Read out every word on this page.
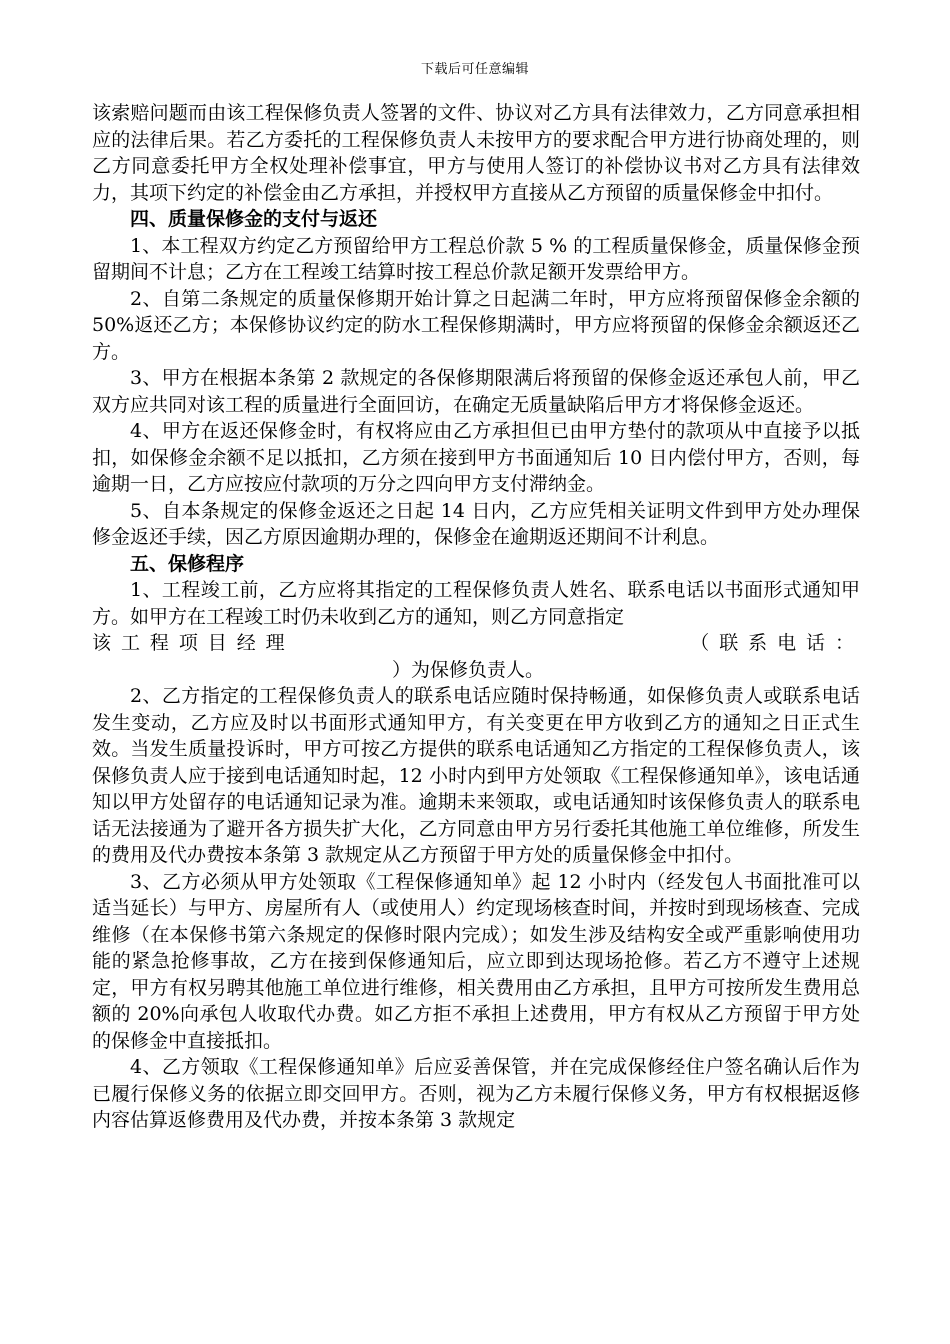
下载后可任意编辑

该索赔问题而由该工程保修负责人签署的文件、协议对乙方具有法律效力，乙方同意承担相应的法律后果。若乙方委托的工程保修负责人未按甲方的要求配合甲方进行协商处理的，则乙方同意委托甲方全权处理补偿事宜，甲方与使用人签订的补偿协议书对乙方具有法律效力，其项下约定的补偿金由乙方承担，并授权甲方直接从乙方预留的质量保修金中扣付。

四、质量保修金的支付与返还

1、本工程双方约定乙方预留给甲方工程总价款 5 % 的工程质量保修金，质量保修金预留期间不计息；乙方在工程竣工结算时按工程总价款足额开发票给甲方。

2、自第二条规定的质量保修期开始计算之日起满二年时，甲方应将预留保修金余额的 50%返还乙方；本保修协议约定的防水工程保修期满时，甲方应将预留的保修金余额返还乙方。

3、甲方在根据本条第 2 款规定的各保修期限满后将预留的保修金返还承包人前，甲乙双方应共同对该工程的质量进行全面回访，在确定无质量缺陷后甲方才将保修金返还。

4、甲方在返还保修金时，有权将应由乙方承担但已由甲方垫付的款项从中直接予以抵扣，如保修金余额不足以抵扣，乙方须在接到甲方书面通知后 10 日内偿付甲方，否则，每逾期一日，乙方应按应付款项的万分之四向甲方支付滞纳金。

5、自本条规定的保修金返还之日起 14 日内，乙方应凭相关证明文件到甲方处办理保修金返还手续，因乙方原因逾期办理的，保修金在逾期返还期间不计利息。

五、保修程序

1、工程竣工前，乙方应将其指定的工程保修负责人姓名、联系电话以书面形式通知甲方。如甲方在工程竣工时仍未收到乙方的通知，则乙方同意指定

该工程项目经理　　　　　　　　　　　　　　（联系电话：

）为保修负责人。

2、乙方指定的工程保修负责人的联系电话应随时保持畅通，如保修负责人或联系电话发生变动，乙方应及时以书面形式通知甲方，有关变更在甲方收到乙方的通知之日正式生效。当发生质量投诉时，甲方可按乙方提供的联系电话通知乙方指定的工程保修负责人，该保修负责人应于接到电话通知时起，12 小时内到甲方处领取《工程保修通知单》，该电话通知以甲方处留存的电话通知记录为准。逾期未来领取，或电话通知时该保修负责人的联系电话无法接通为了避开各方损失扩大化，乙方同意由甲方另行委托其他施工单位维修，所发生的费用及代办费按本条第 3 款规定从乙方预留于甲方处的质量保修金中扣付。

3、乙方必须从甲方处领取《工程保修通知单》起 12 小时内（经发包人书面批准可以适当延长）与甲方、房屋所有人（或使用人）约定现场核查时间，并按时到现场核查、完成维修（在本保修书第六条规定的保修时限内完成）；如发生涉及结构安全或严重影响使用功能的紧急抢修事故，乙方在接到保修通知后，应立即到达现场抢修。若乙方不遵守上述规定，甲方有权另聘其他施工单位进行维修，相关费用由乙方承担，且甲方可按所发生费用总额的 20%向承包人收取代办费。如乙方拒不承担上述费用，甲方有权从乙方预留于甲方处的保修金中直接抵扣。

4、乙方领取《工程保修通知单》后应妥善保管，并在完成保修经住户签名确认后作为已履行保修义务的依据立即交回甲方。否则，视为乙方未履行保修义务，甲方有权根据返修内容估算返修费用及代办费，并按本条第 3 款规定
